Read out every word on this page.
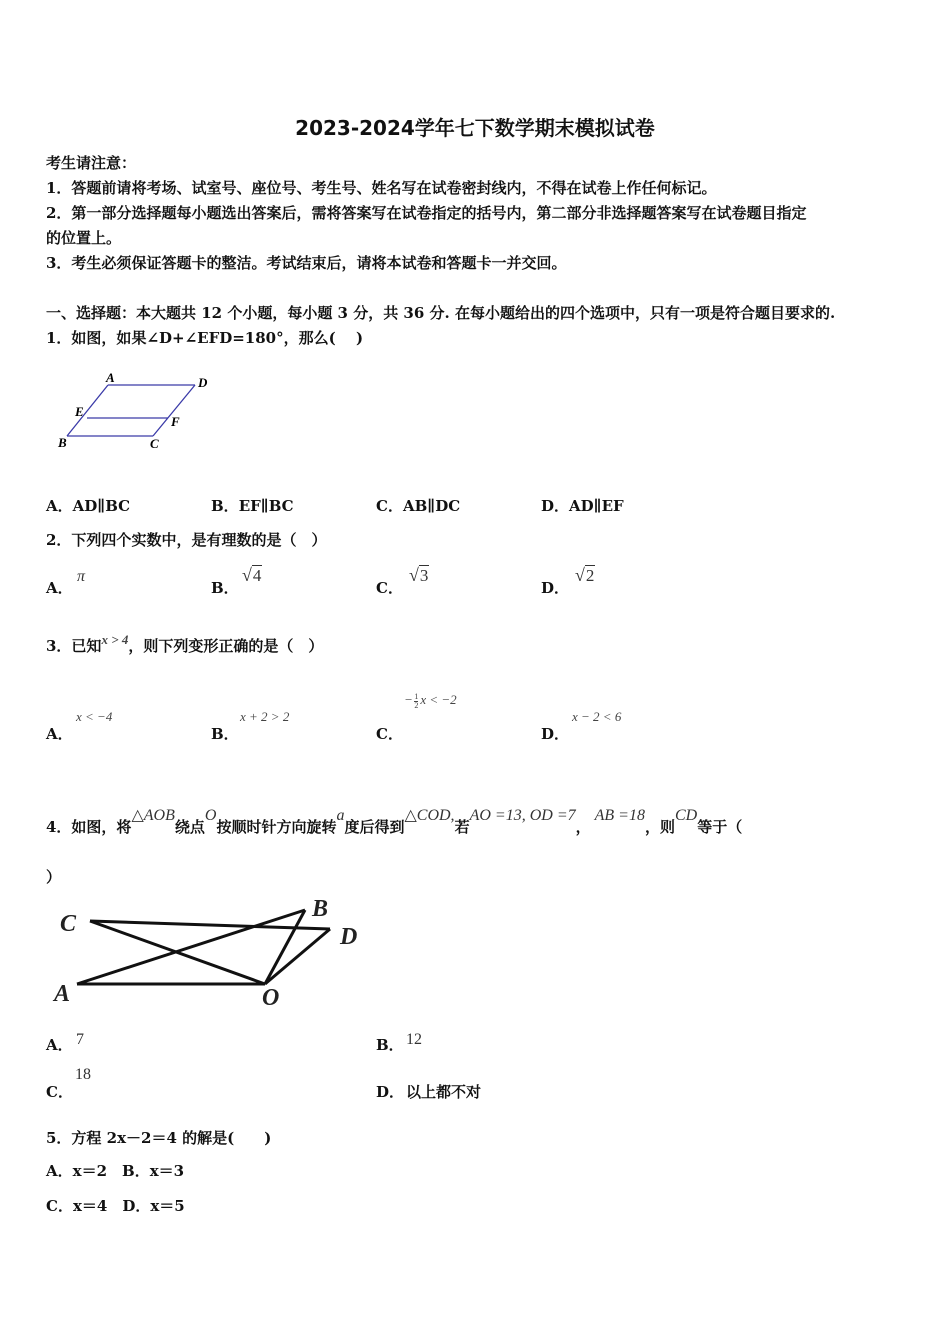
2023-2024学年七下数学期末模拟试卷
考生请注意：
1．答题前请将考场、试室号、座位号、考生号、姓名写在试卷密封线内，不得在试卷上作任何标记。
2．第一部分选择题每小题选出答案后，需将答案写在试卷指定的括号内，第二部分非选择题答案写在试卷题目指定
的位置上。
3．考生必须保证答题卡的整洁。考试结束后，请将本试卷和答题卡一并交回。
一、选择题：本大题共 12 个小题，每小题 3 分，共 36 分. 在每小题给出的四个选项中，只有一项是符合题目要求的.
1．如图，如果∠D+∠EFD=180°，那么(　 )
A	D
E
F
B	C
A．AD∥BC	B．EF∥BC	C．AB∥DC	D．AD∥EF
2．下列四个实数中，是有理数的是（　）
A．
π
B．
√4
C．
√3
D．
√2
3．已知x > 4，则下列变形正确的是（　）
A．
x < −4
B．
x + 2 > 2
C．
− $\frac{1}{2}$ x < −2
D．
x − 2 < 6
4．如图，将△AOB绕点O按顺时针方向旋转a度后得到△COD,若AO =13, OD =7，AB =18，则CD等于（
）
C
B
D
A	O
A． 7	B． 12
C．
18
D． 以上都不对
5．方程 2x－2＝4 的解是(　　)
A．x＝2　B．x＝3
C．x＝4　D．x＝5
